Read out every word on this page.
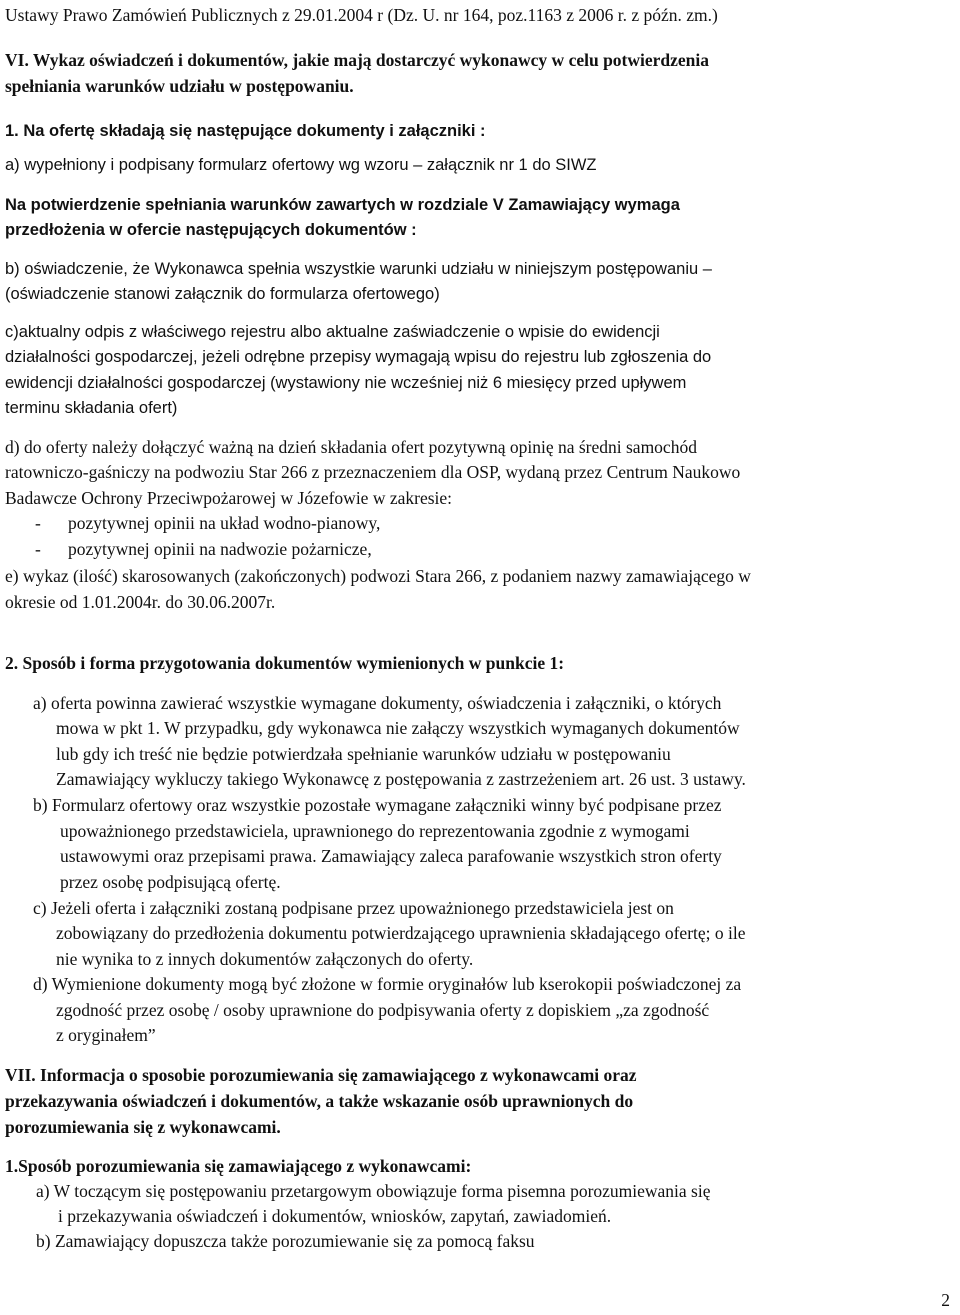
Ustawy Prawo Zamówień Publicznych z 29.01.2004 r (Dz. U. nr 164, poz.1163 z 2006 r. z późn. zm.)
VI. Wykaz oświadczeń i dokumentów, jakie mają dostarczyć wykonawcy w celu potwierdzenia
spełniania warunków udziału w postępowaniu.
1. Na ofertę składają się następujące dokumenty i załączniki :
a) wypełniony i podpisany formularz ofertowy wg wzoru – załącznik nr 1 do SIWZ
Na potwierdzenie spełniania warunków zawartych w rozdziale V Zamawiający wymaga
przedłożenia w ofercie następujących dokumentów :
b) oświadczenie, że Wykonawca spełnia wszystkie warunki udziału w niniejszym postępowaniu –
(oświadczenie stanowi załącznik do formularza ofertowego)
c)aktualny odpis z właściwego rejestru albo aktualne zaświadczenie o wpisie do ewidencji
działalności gospodarczej, jeżeli odrębne przepisy wymagają wpisu do rejestru lub zgłoszenia do
ewidencji działalności gospodarczej (wystawiony nie wcześniej niż 6 miesięcy przed upływem
terminu składania ofert)
d) do oferty należy dołączyć ważną na dzień składania ofert pozytywną opinię na średni samochód
ratowniczo-gaśniczy na podwoziu Star 266 z przeznaczeniem dla OSP, wydaną przez Centrum Naukowo
Badawcze Ochrony Przeciwpożarowej w Józefowie w zakresie:
- pozytywnej opinii na układ wodno-pianowy,
- pozytywnej opinii na nadwozie pożarnicze,
e) wykaz (ilość) skarosowanych (zakończonych) podwozi Stara 266, z podaniem nazwy zamawiającego w
okresie od 1.01.2004r. do 30.06.2007r.
2. Sposób i forma przygotowania dokumentów wymienionych w punkcie 1:
a) oferta powinna zawierać wszystkie wymagane dokumenty, oświadczenia i załączniki, o których
mowa w pkt 1. W przypadku, gdy wykonawca nie załączy wszystkich wymaganych dokumentów
lub gdy ich treść nie będzie potwierdzała spełnianie warunków udziału w postępowaniu
Zamawiający wykluczy takiego Wykonawcę z postępowania z zastrzeżeniem art. 26 ust. 3 ustawy.
b) Formularz ofertowy oraz wszystkie pozostałe wymagane załączniki winny być podpisane przez
upoważnionego przedstawiciela, uprawnionego do reprezentowania zgodnie z wymogami
ustawowymi oraz przepisami prawa. Zamawiający zaleca parafowanie wszystkich stron oferty
przez osobę podpisującą ofertę.
c) Jeżeli oferta i załączniki zostaną podpisane przez upoważnionego przedstawiciela jest on
zobowiązany do przedłożenia dokumentu potwierdzającego uprawnienia składającego ofertę; o ile
nie wynika to z innych dokumentów załączonych do oferty.
d) Wymienione dokumenty mogą być złożone w formie oryginałów lub kserokopii poświadczonej za
zgodność przez osobę / osoby uprawnione do podpisywania oferty z dopiskiem „za zgodność
z oryginałem”
VII. Informacja o sposobie porozumiewania się zamawiającego z wykonawcami oraz
przekazywania oświadczeń i dokumentów, a także wskazanie osób uprawnionych do
porozumiewania się z wykonawcami.
1.Sposób porozumiewania się zamawiającego z wykonawcami:
a) W toczącym się postępowaniu przetargowym obowiązuje forma pisemna porozumiewania się
i przekazywania oświadczeń i dokumentów, wniosków, zapytań, zawiadomień.
b) Zamawiający dopuszcza także porozumiewanie się za pomocą faksu
2
